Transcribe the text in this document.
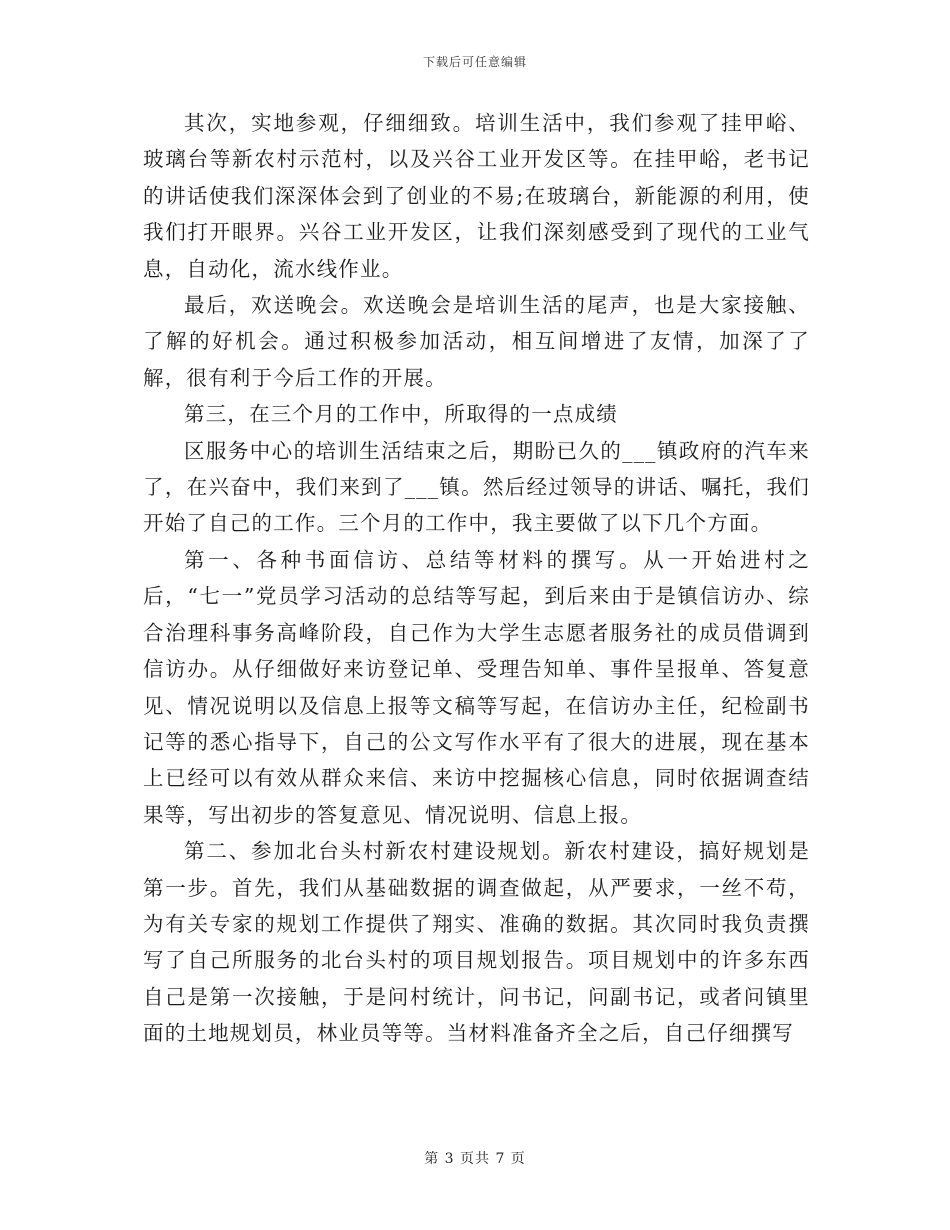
下载后可任意编辑

其次，实地参观，仔细细致。培训生活中，我们参观了挂甲峪、玻璃台等新农村示范村，以及兴谷工业开发区等。在挂甲峪，老书记的讲话使我们深深体会到了创业的不易;在玻璃台，新能源的利用，使我们打开眼界。兴谷工业开发区，让我们深刻感受到了现代的工业气息，自动化，流水线作业。

最后，欢送晚会。欢送晚会是培训生活的尾声，也是大家接触、了解的好机会。通过积极参加活动，相互间增进了友情，加深了了解，很有利于今后工作的开展。

第三，在三个月的工作中，所取得的一点成绩

区服务中心的培训生活结束之后，期盼已久的___镇政府的汽车来了，在兴奋中，我们来到了___镇。然后经过领导的讲话、嘱托，我们开始了自己的工作。三个月的工作中，我主要做了以下几个方面。

第一、各种书面信访、总结等材料的撰写。从一开始进村之后，“七一”党员学习活动的总结等写起，到后来由于是镇信访办、综合治理科事务高峰阶段，自己作为大学生志愿者服务社的成员借调到信访办。从仔细做好来访登记单、受理告知单、事件呈报单、答复意见、情况说明以及信息上报等文稿等写起，在信访办主任，纪检副书记等的悉心指导下，自己的公文写作水平有了很大的进展，现在基本上已经可以有效从群众来信、来访中挖掘核心信息，同时依据调查结果等，写出初步的答复意见、情况说明、信息上报。

第二、参加北台头村新农村建设规划。新农村建设，搞好规划是第一步。首先，我们从基础数据的调查做起，从严要求，一丝不苟，为有关专家的规划工作提供了翔实、准确的数据。其次同时我负责撰写了自己所服务的北台头村的项目规划报告。项目规划中的许多东西自己是第一次接触，于是问村统计，问书记，问副书记，或者问镇里面的土地规划员，林业员等等。当材料准备齐全之后，自己仔细撰写

第 3 页共 7 页
